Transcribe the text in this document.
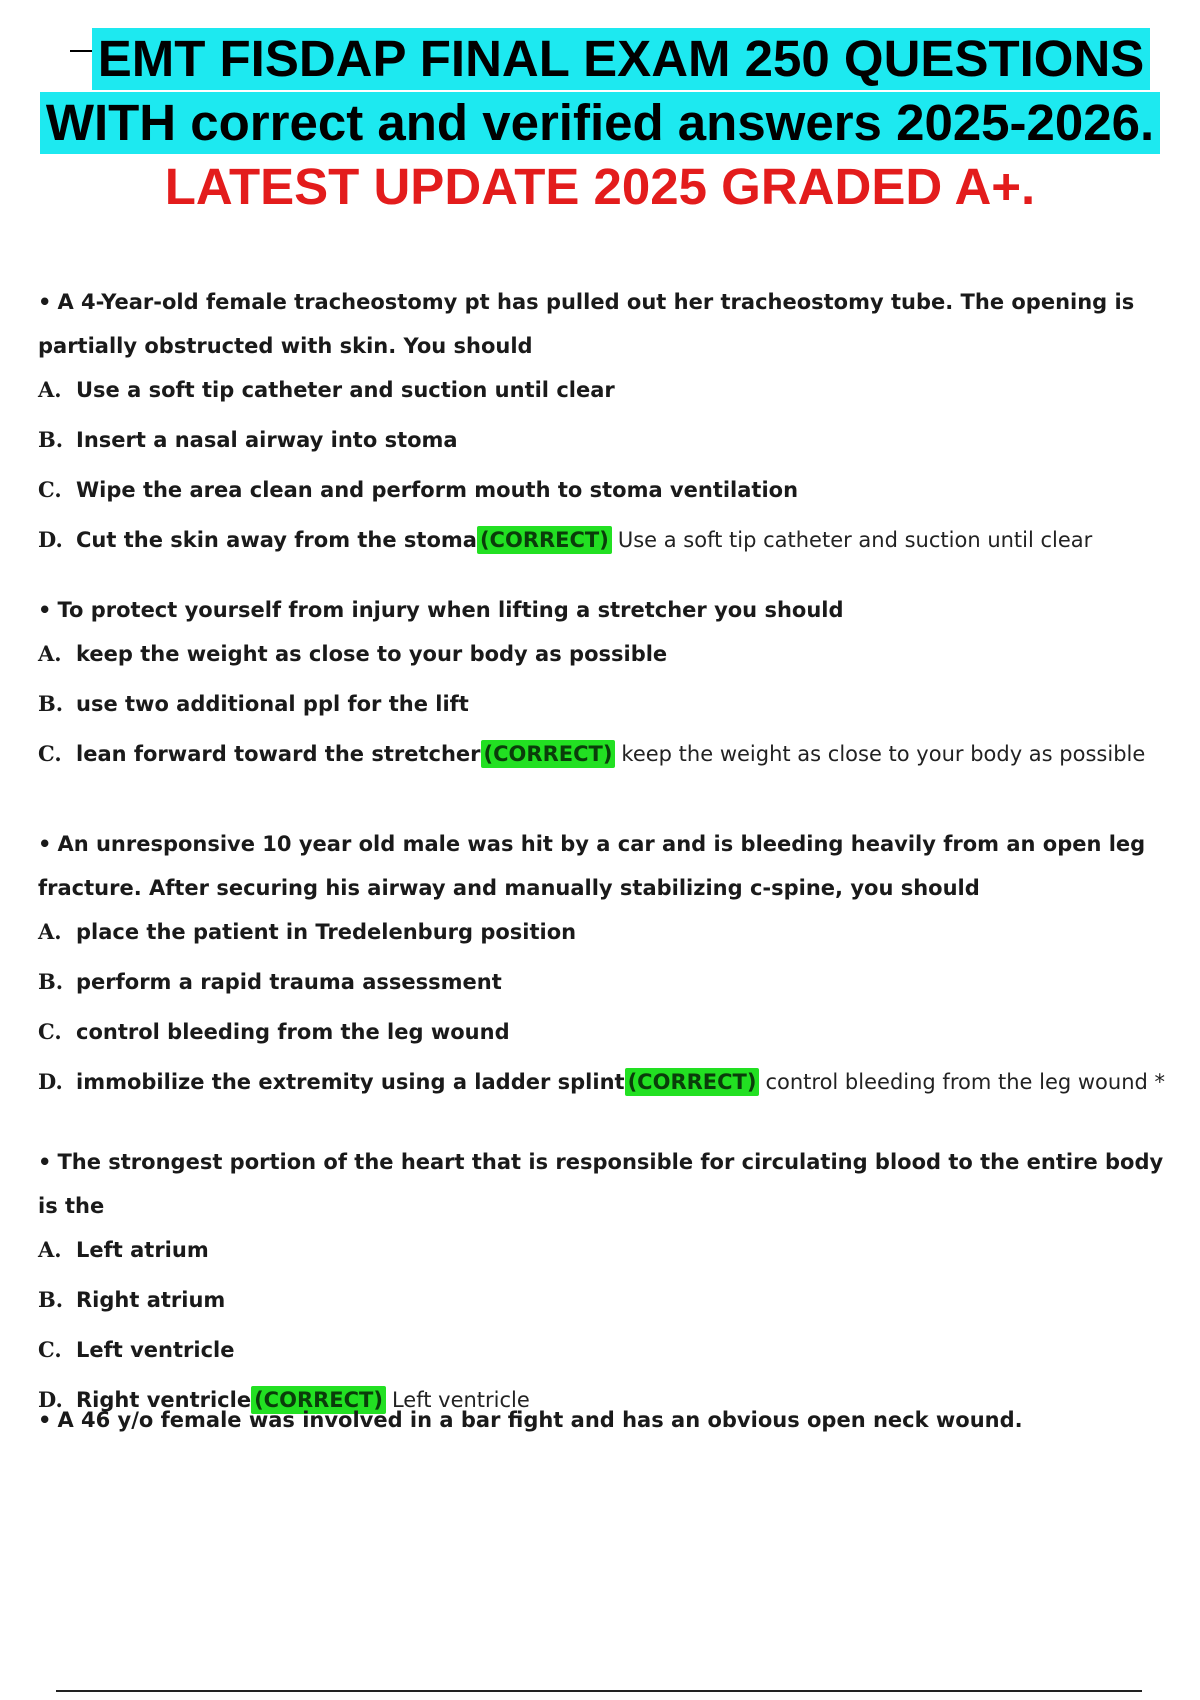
EMT FISDAP FINAL EXAM 250 QUESTIONS
WITH correct and verified answers 2025-2026.
LATEST UPDATE 2025 GRADED A+.

• A 4-Year-old female tracheostomy pt has pulled out her tracheostomy tube. The opening is partially obstructed with skin. You should

A. Use a soft tip catheter and suction until clear
B. Insert a nasal airway into stoma
C. Wipe the area clean and perform mouth to stoma ventilation
D. Cut the skin away from the stoma (CORRECT) Use a soft tip catheter and suction until clear

• To protect yourself from injury when lifting a stretcher you should

A. keep the weight as close to your body as possible
B. use two additional ppl for the lift
C. lean forward toward the stretcher (CORRECT) keep the weight as close to your body as possible

• An unresponsive 10 year old male was hit by a car and is bleeding heavily from an open leg fracture. After securing his airway and manually stabilizing c-spine, you should

A. place the patient in Tredelenburg position
B. perform a rapid trauma assessment
C. control bleeding from the leg wound
D. immobilize the extremity using a ladder splint (CORRECT) control bleeding from the leg wound *

• The strongest portion of the heart that is responsible for circulating blood to the entire body is the

A. Left atrium
B. Right atrium
C. Left ventricle
D. Right ventricle (CORRECT) Left ventricle

• A 46 y/o female was involved in a bar fight and has an obvious open neck wound.
